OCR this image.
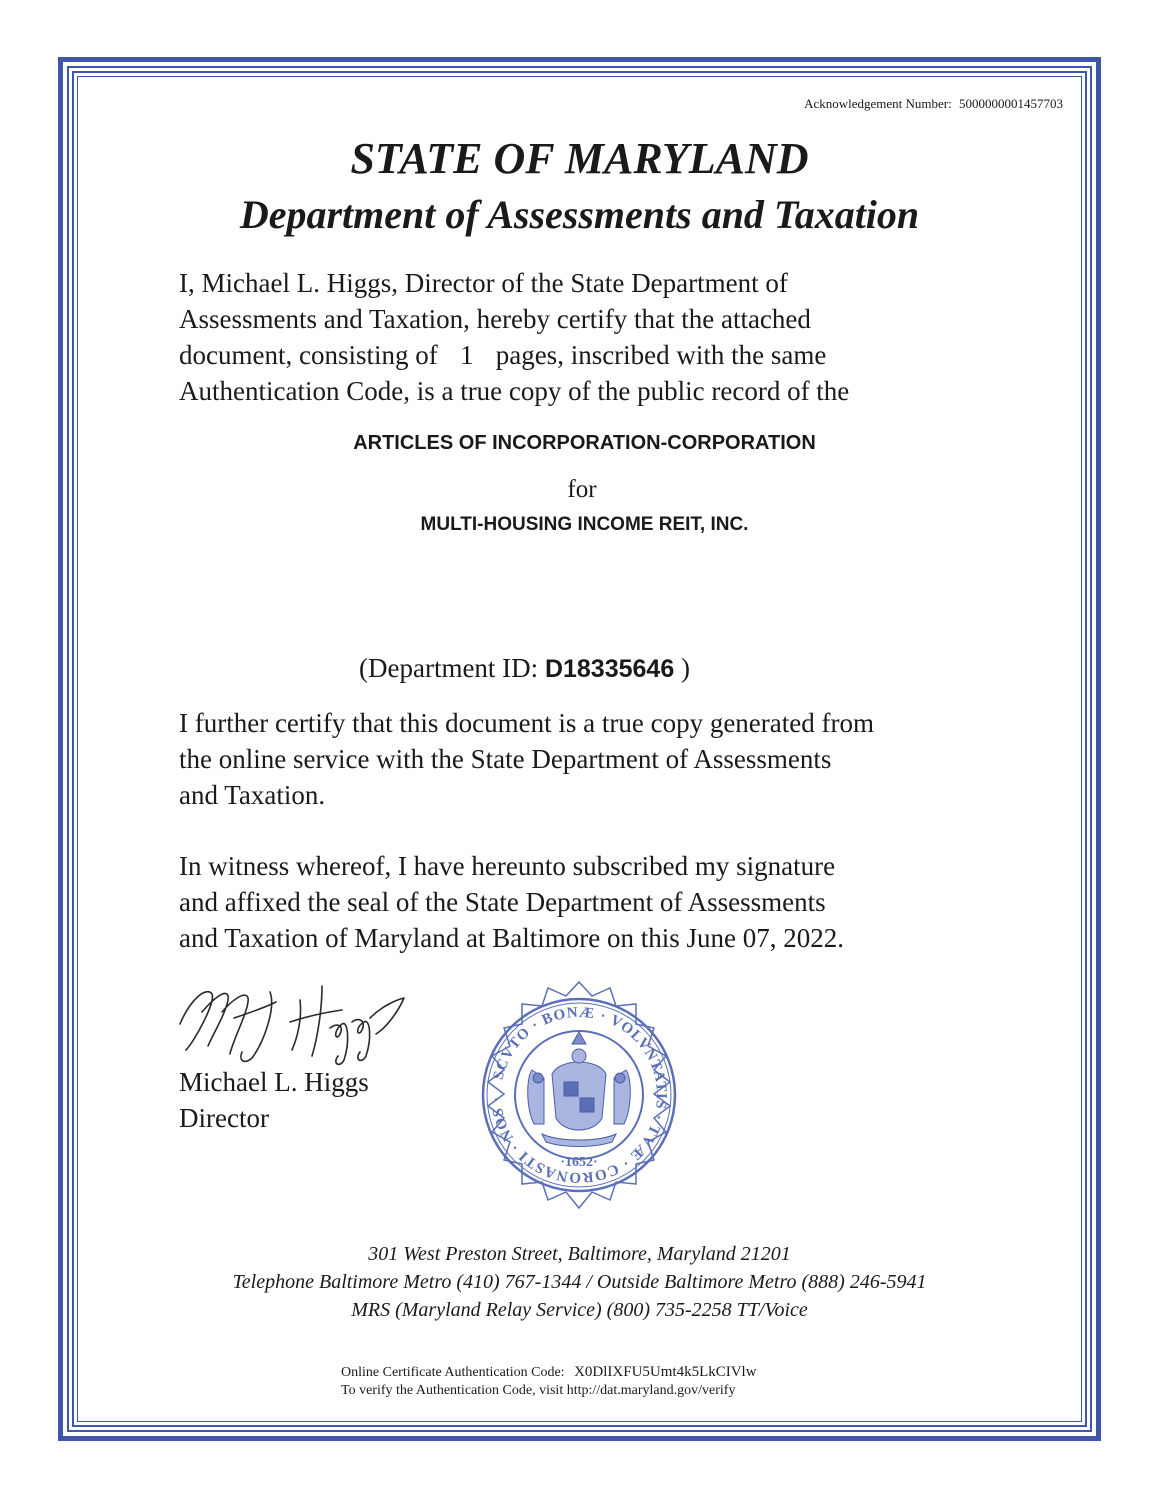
Acknowledgement Number: 5000000001457703
STATE OF MARYLAND
Department of Assessments and Taxation
I, Michael L. Higgs, Director of the State Department of
Assessments and Taxation, hereby certify that the attached
document, consisting of 1 pages, inscribed with the same
Authentication Code, is a true copy of the public record of the
ARTICLES OF INCORPORATION-CORPORATION
for
MULTI-HOUSING INCOME REIT, INC.
(Department ID: D18335646 )
I further certify that this document is a true copy generated from
the online service with the State Department of Assessments
and Taxation.
In witness whereof, I have hereunto subscribed my signature
and affixed the seal of the State Department of Assessments
and Taxation of Maryland at Baltimore on this June 07, 2022.
Michael L. Higgs
Director
SCVTO · BONÆ · VOLVNTATIS · TVÆ · CORONASTI · NOS ·
·1652·
301 West Preston Street, Baltimore, Maryland 21201
Telephone Baltimore Metro (410) 767-1344 / Outside Baltimore Metro (888) 246-5941
MRS (Maryland Relay Service) (800) 735-2258 TT/Voice
Online Certificate Authentication Code: X0DlIXFU5Umt4k5LkCIVlw
To verify the Authentication Code, visit http://dat.maryland.gov/verify
